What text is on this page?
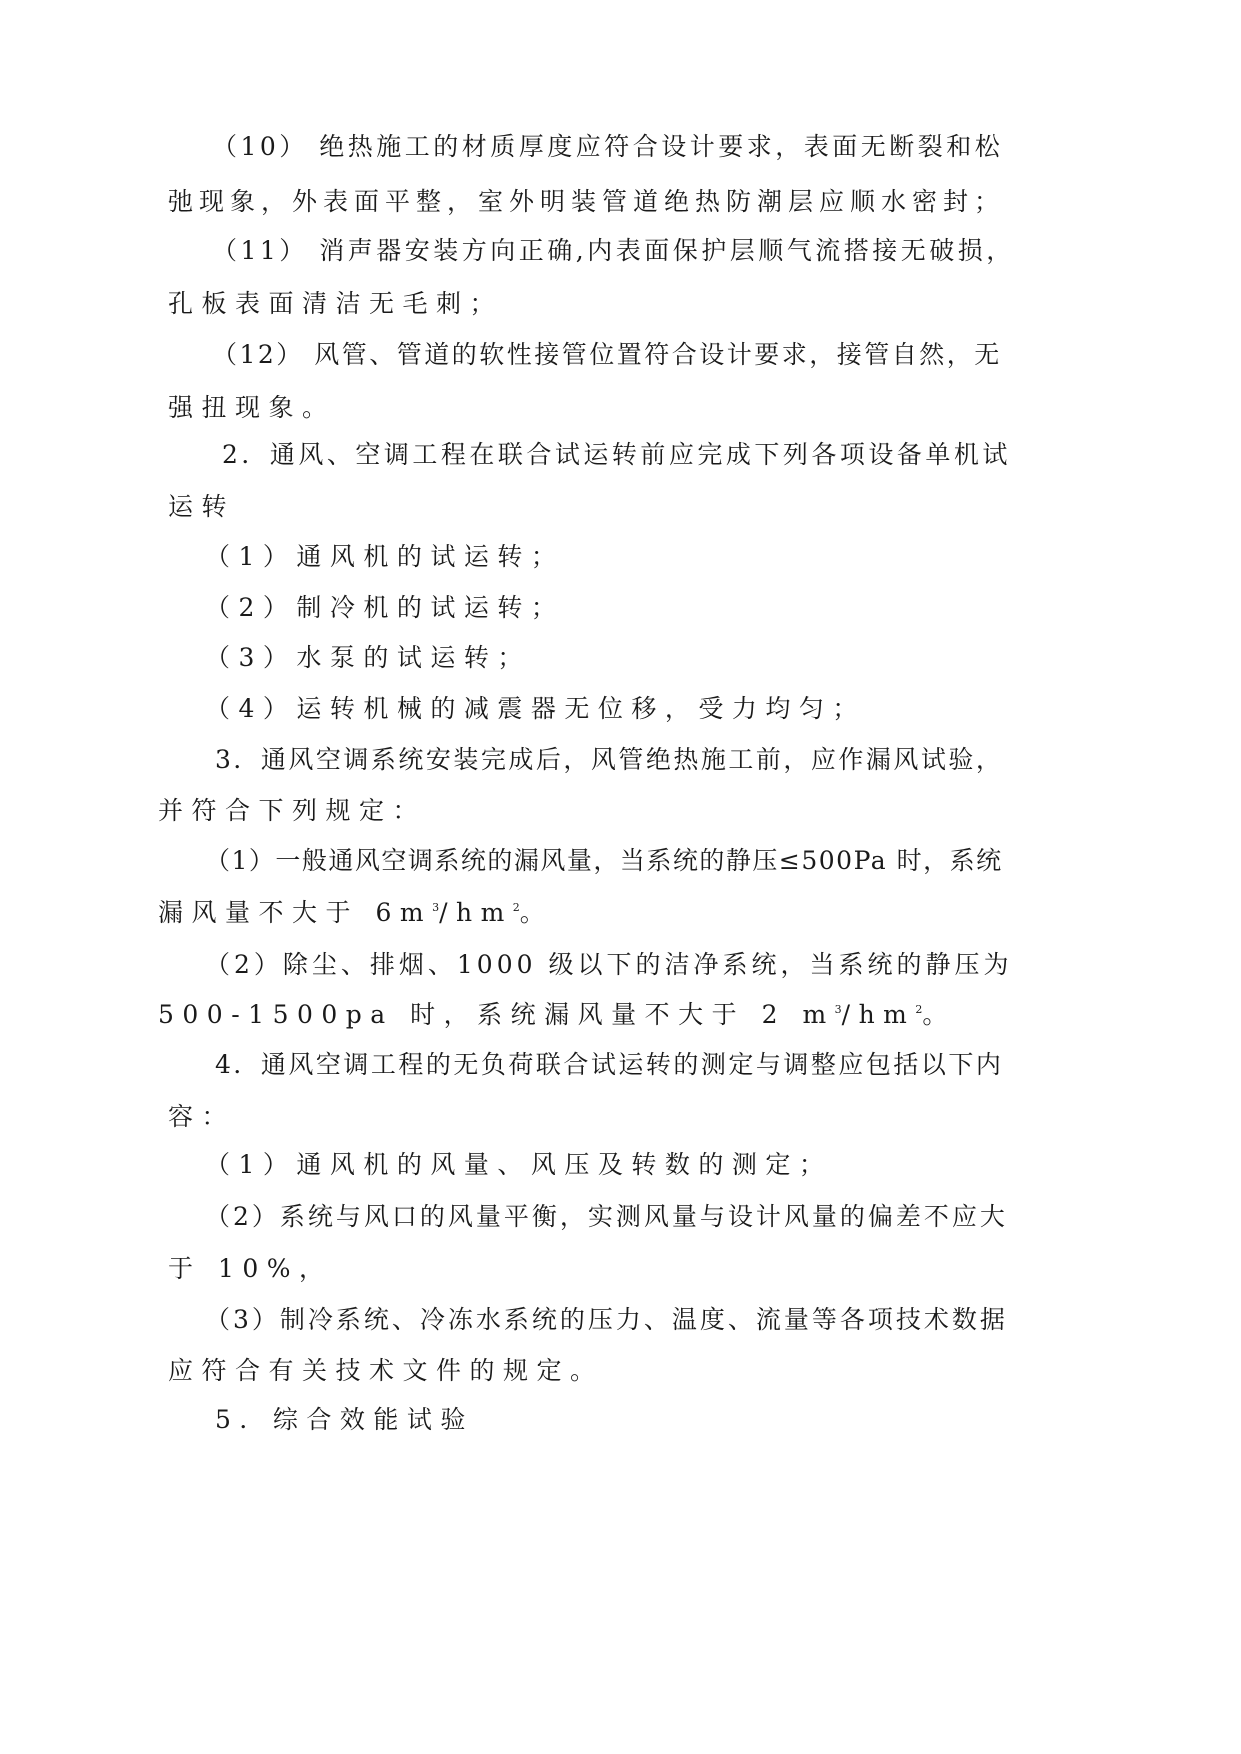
（10） 绝热施工的材质厚度应符合设计要求，表面无断裂和松
弛现象，外表面平整，室外明装管道绝热防潮层应顺水密封；
（11） 消声器安装方向正确,内表面保护层顺气流搭接无破损，
孔板表面清洁无毛刺；
（12） 风管、管道的软性接管位置符合设计要求，接管自然，无
强扭现象。
2．通风、空调工程在联合试运转前应完成下列各项设备单机试
运转
（1）通风机的试运转；
（2）制冷机的试运转；
（3）水泵的试运转；
（4）运转机械的减震器无位移，受力均匀；
3．通风空调系统安装完成后，风管绝热施工前，应作漏风试验，
并符合下列规定：
（1）一般通风空调系统的漏风量，当系统的静压≤500Pa 时，系统
漏风量不大于 $6m^3/hm^2$。
（2）除尘、排烟、1000 级以下的洁净系统，当系统的静压为
500-1500pa 时，系统漏风量不大于 2 $m^3/hm^2$。
4．通风空调工程的无负荷联合试运转的测定与调整应包括以下内
容：
（1）通风机的风量、风压及转数的测定；
（2）系统与风口的风量平衡，实测风量与设计风量的偏差不应大
于 10%，
（3）制冷系统、冷冻水系统的压力、温度、流量等各项技术数据
应符合有关技术文件的规定。
5．综合效能试验
